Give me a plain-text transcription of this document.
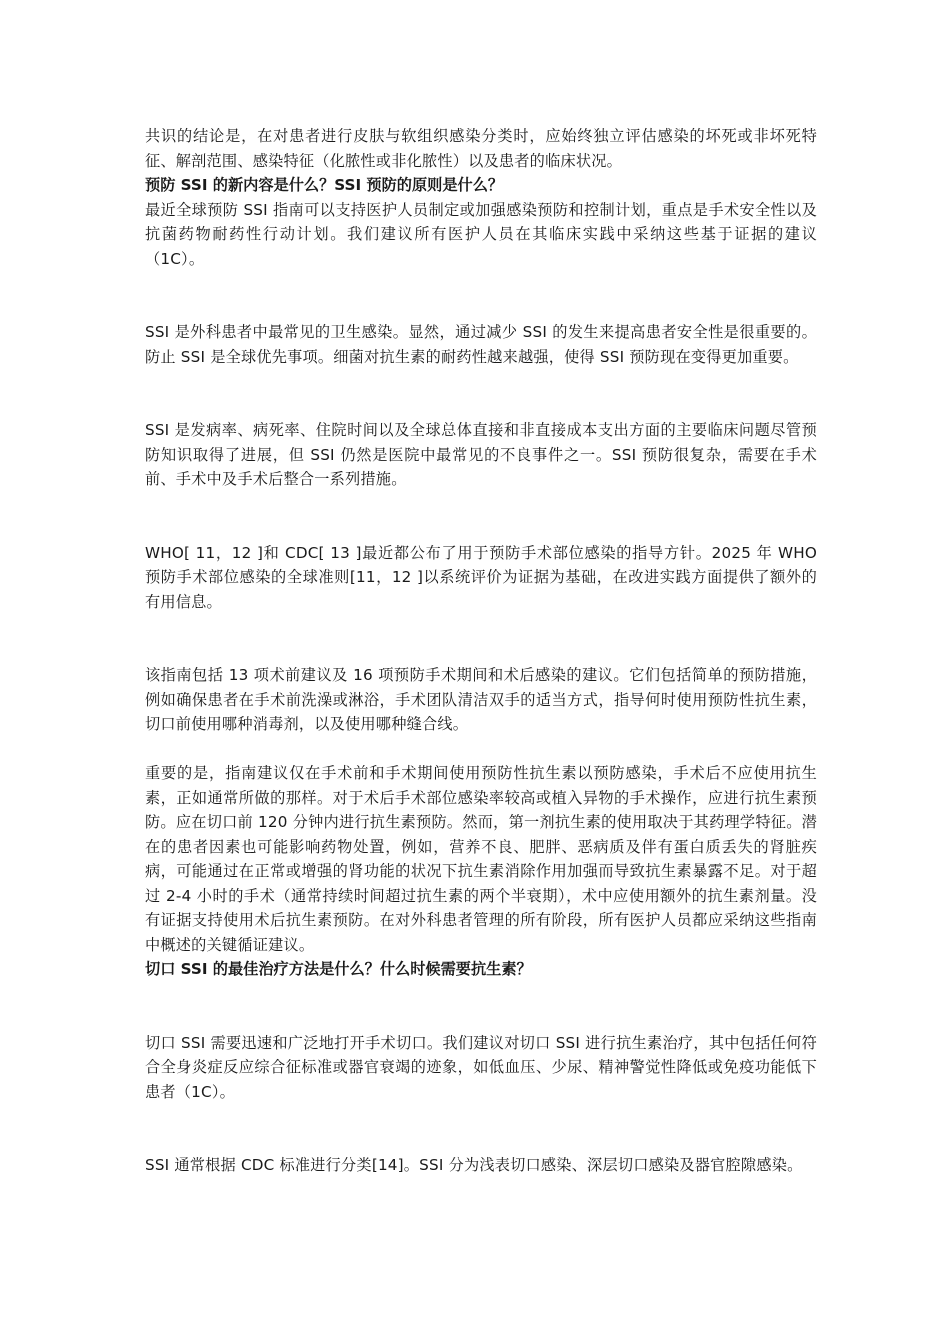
共识的结论是，在对患者进行皮肤与软组织感染分类时，应始终独立评估感染的坏死或非坏死特征、解剖范围、感染特征（化脓性或非化脓性）以及患者的临床状况。

预防 SSI 的新内容是什么？SSI 预防的原则是什么？

最近全球预防 SSI 指南可以支持医护人员制定或加强感染预防和控制计划，重点是手术安全性以及抗菌药物耐药性行动计划。我们建议所有医护人员在其临床实践中采纳这些基于证据的建议（1C）。

SSI 是外科患者中最常见的卫生感染。显然，通过减少 SSI 的发生来提高患者安全性是很重要的。防止 SSI 是全球优先事项。细菌对抗生素的耐药性越来越强，使得 SSI 预防现在变得更加重要。

SSI 是发病率、病死率、住院时间以及全球总体直接和非直接成本支出方面的主要临床问题尽管预防知识取得了进展，但 SSI 仍然是医院中最常见的不良事件之一。SSI 预防很复杂，需要在手术前、手术中及手术后整合一系列措施。

WHO[ 11，12 ]和 CDC[ 13 ]最近都公布了用于预防手术部位感染的指导方针。2025 年 WHO 预防手术部位感染的全球准则[11，12 ]以系统评价为证据为基础，在改进实践方面提供了额外的有用信息。

该指南包括 13 项术前建议及 16 项预防手术期间和术后感染的建议。它们包括简单的预防措施，例如确保患者在手术前洗澡或淋浴，手术团队清洁双手的适当方式，指导何时使用预防性抗生素，切口前使用哪种消毒剂，以及使用哪种缝合线。

重要的是，指南建议仅在手术前和手术期间使用预防性抗生素以预防感染，手术后不应使用抗生素，正如通常所做的那样。对于术后手术部位感染率较高或植入异物的手术操作，应进行抗生素预防。应在切口前 120 分钟内进行抗生素预防。然而，第一剂抗生素的使用取决于其药理学特征。潜在的患者因素也可能影响药物处置，例如，营养不良、肥胖、恶病质及伴有蛋白质丢失的肾脏疾病，可能通过在正常或增强的肾功能的状况下抗生素消除作用加强而导致抗生素暴露不足。对于超过 2-4 小时的手术（通常持续时间超过抗生素的两个半衰期），术中应使用额外的抗生素剂量。没有证据支持使用术后抗生素预防。在对外科患者管理的所有阶段，所有医护人员都应采纳这些指南中概述的关键循证建议。

切口 SSI 的最佳治疗方法是什么？什么时候需要抗生素？

切口 SSI 需要迅速和广泛地打开手术切口。我们建议对切口 SSI 进行抗生素治疗，其中包括任何符合全身炎症反应综合征标准或器官衰竭的迹象，如低血压、少尿、精神警觉性降低或免疫功能低下患者（1C）。

SSI 通常根据 CDC 标准进行分类[14]。SSI 分为浅表切口感染、深层切口感染及器官腔隙感染。
